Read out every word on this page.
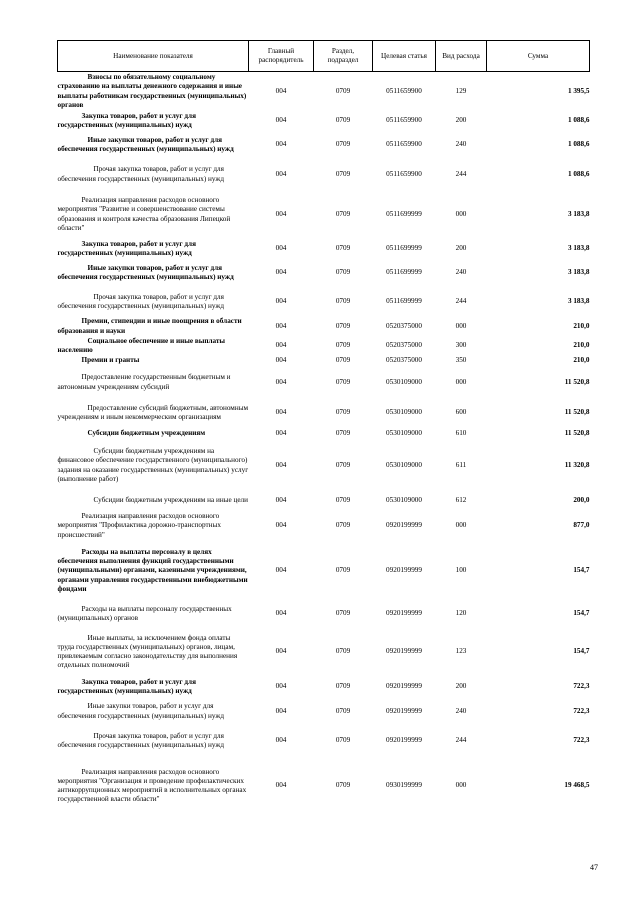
Наименование показателя	Главный распорядитель	Раздел, подраздел	Целевая статья	Вид расхода	Сумма

Взносы по обязательному социальному страхованию на выплаты денежного содержания и иные выплаты работникам государственных (муниципальных) органов	004	0709	0511659900	129	1 395,5

Закупка товаров, работ и услуг для государственных (муниципальных) нужд	004	0709	0511659900	200	1 088,6

Иные закупки товаров, работ и услуг для обеспечения государственных (муниципальных) нужд	004	0709	0511659900	240	1 088,6

Прочая закупка товаров, работ и услуг для обеспечения государственных (муниципальных) нужд	004	0709	0511659900	244	1 088,6

Реализация направления расходов основного мероприятия "Развитие и совершенствование системы образования и контроля качества образования Липецкой области"	004	0709	0511699999	000	3 183,8

Закупка товаров, работ и услуг для государственных (муниципальных) нужд	004	0709	0511699999	200	3 183,8

Иные закупки товаров, работ и услуг для обеспечения государственных (муниципальных) нужд	004	0709	0511699999	240	3 183,8

Прочая закупка товаров, работ и услуг для обеспечения государственных (муниципальных) нужд	004	0709	0511699999	244	3 183,8

Премии, стипендии и иные поощрения в области образования и науки	004	0709	0520375000	000	210,0

Социальное обеспечение и иные выплаты населению	004	0709	0520375000	300	210,0

Премии и гранты	004	0709	0520375000	350	210,0

Предоставление государственным бюджетным и автономным учреждениям субсидий	004	0709	0530109000	000	11 520,8

Предоставление субсидий бюджетным, автономным учреждениям и иным некоммерческим организациям	004	0709	0530109000	600	11 520,8

Субсидии бюджетным учреждениям	004	0709	0530109000	610	11 520,8

Субсидии бюджетным учреждениям на финансовое обеспечение государственного (муниципального) задания на оказание государственных (муниципальных) услуг (выполнение работ)	004	0709	0530109000	611	11 320,8

Субсидии бюджетным учреждениям на иные цели	004	0709	0530109000	612	200,0

Реализация направления расходов основного мероприятия "Профилактика дорожно-транспортных происшествий"	004	0709	0920199999	000	877,0

Расходы на выплаты персоналу в целях обеспечения выполнения функций государственными (муниципальными) органами, казенными учреждениями, органами управления государственными внебюджетными фондами	004	0709	0920199999	100	154,7

Расходы на выплаты персоналу государственных (муниципальных) органов	004	0709	0920199999	120	154,7

Иные выплаты, за исключением фонда оплаты труда государственных (муниципальных) органов, лицам, привлекаемым согласно законодательству для выполнения отдельных полномочий	004	0709	0920199999	123	154,7

Закупка товаров, работ и услуг для государственных (муниципальных) нужд	004	0709	0920199999	200	722,3

Иные закупки товаров, работ и услуг для обеспечения государственных (муниципальных) нужд	004	0709	0920199999	240	722,3

Прочая закупка товаров, работ и услуг для обеспечения государственных (муниципальных) нужд	004	0709	0920199999	244	722,3

Реализация направления расходов основного мероприятия "Организация и проведение профилактических антикоррупционных мероприятий в исполнительных органах государственной власти области"	004	0709	0930199999	000	19 468,5
47
